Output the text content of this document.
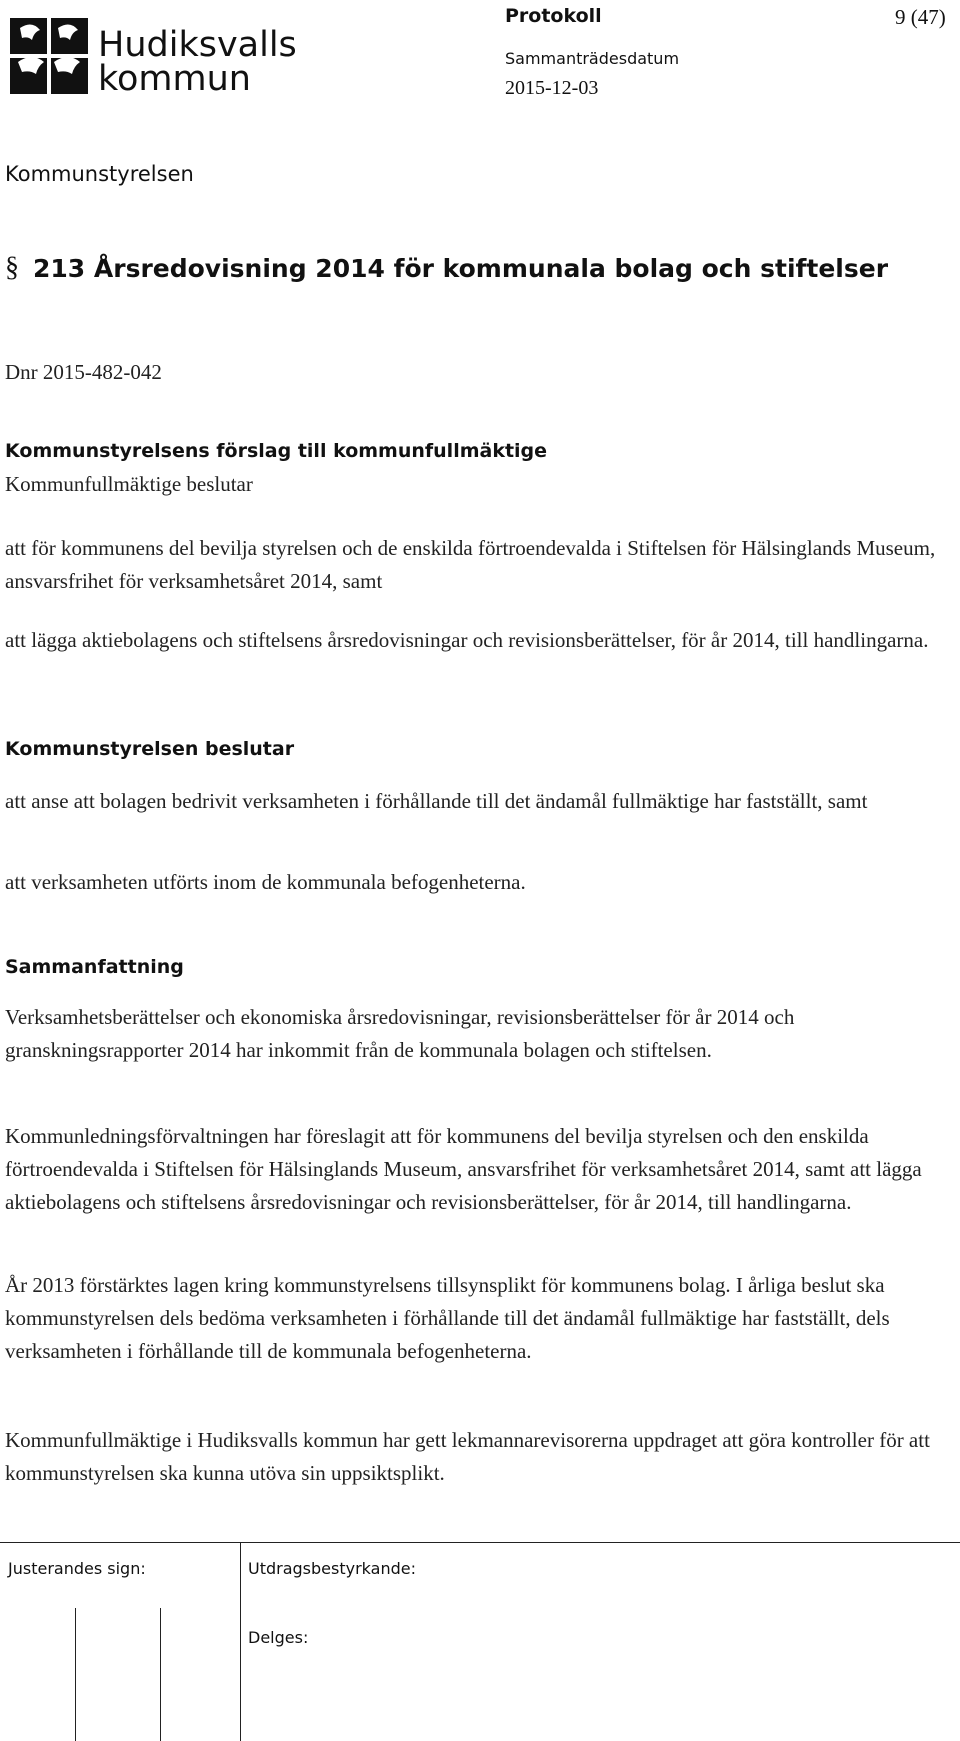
Hudiksvalls
kommun
Protokoll	9 (47)
Sammanträdesdatum
2015-12-03
Kommunstyrelsen
§ 213 Årsredovisning 2014 för kommunala bolag och stiftelser
Dnr 2015-482-042
Kommunstyrelsens förslag till kommunfullmäktige

Kommunfullmäktige beslutar

att för kommunens del bevilja styrelsen och de enskilda förtroendevalda i Stiftelsen för Hälsinglands Museum, ansvarsfrihet för verksamhetsåret 2014, samt

att lägga aktiebolagens och stiftelsens årsredovisningar och revisionsberättelser, för år 2014, till handlingarna.

Kommunstyrelsen beslutar

att anse att bolagen bedrivit verksamheten i förhållande till det ändamål fullmäktige har fastställt, samt

att verksamheten utförts inom de kommunala befogenheterna.

Sammanfattning

Verksamhetsberättelser och ekonomiska årsredovisningar, revisionsberättelser för år 2014 och granskningsrapporter 2014 har inkommit från de kommunala bolagen och stiftelsen.

Kommunledningsförvaltningen har föreslagit att för kommunens del bevilja styrelsen och den enskilda förtroendevalda i Stiftelsen för Hälsinglands Museum, ansvarsfrihet för verksamhetsåret 2014, samt att lägga aktiebolagens och stiftelsens årsredovisningar och revisionsberättelser, för år 2014, till handlingarna.

År 2013 förstärktes lagen kring kommunstyrelsens tillsynsplikt för kommunens bolag. I årliga beslut ska kommunstyrelsen dels bedöma verksamheten i förhållande till det ändamål fullmäktige har fastställt, dels verksamheten i förhållande till de kommunala befogenheterna.

Kommunfullmäktige i Hudiksvalls kommun har gett lekmannarevisorerna uppdraget att göra kontroller för att kommunstyrelsen ska kunna utöva sin uppsiktsplikt.

Justerandes sign:	Utdragsbestyrkande:
Delges:
